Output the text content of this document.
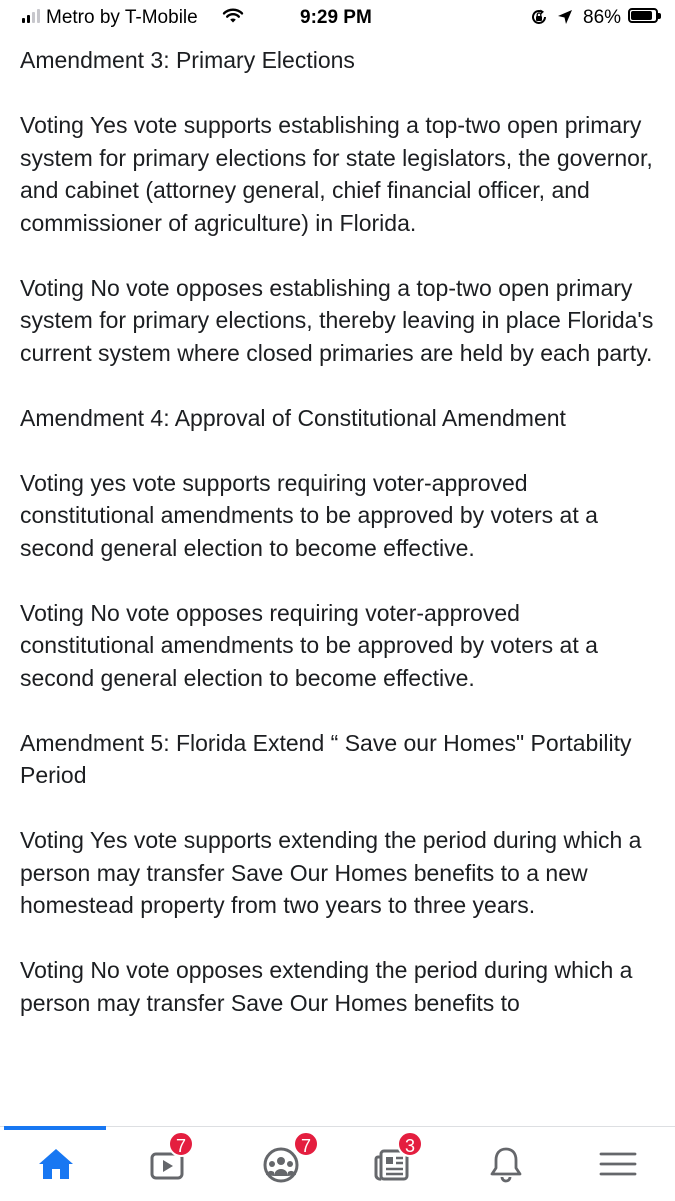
Metro by T-Mobile	9:29 PM	86%

Amendment 3: Primary Elections

Voting Yes vote supports establishing a top-two open primary system for primary elections for state legislators, the governor, and cabinet (attorney general, chief financial officer, and commissioner of agriculture) in Florida.

Voting No vote opposes establishing a top-two open primary system for primary elections, thereby leaving in place Florida's current system where closed primaries are held by each party.

Amendment 4: Approval of Constitutional Amendment

Voting yes vote supports requiring voter-approved constitutional amendments to be approved by voters at a second general election to become effective.

Voting No vote opposes requiring voter-approved constitutional amendments to be approved by voters at a second general election to become effective.

Amendment 5: Florida Extend “ Save our Homes" Portability Period

Voting Yes vote supports extending the period during which a person may transfer Save Our Homes benefits to a new homestead property from two years to three years.

Voting No vote opposes extending the period during which a person may transfer Save Our Homes benefits to

7	7	3
